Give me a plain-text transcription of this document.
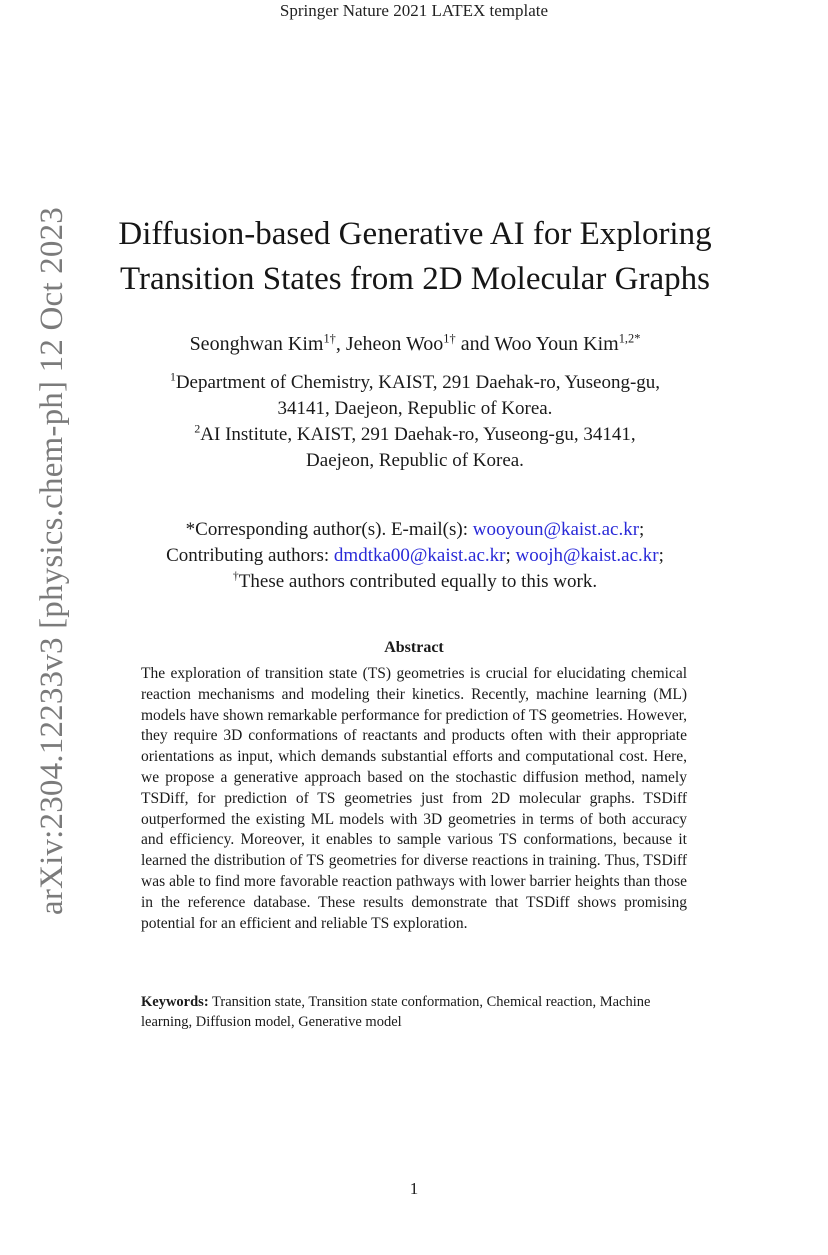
Springer Nature 2021 LATEX template
arXiv:2304.12233v3 [physics.chem-ph] 12 Oct 2023	Diffusion-based Generative AI for Exploring
Transition States from 2D Molecular Graphs
Seonghwan Kim$^{1\dagger}$, Jeheon Woo$^{1\dagger}$ and Woo Youn Kim$^{1,2*}$
$^1$Department of Chemistry, KAIST, 291 Daehak-ro, Yuseong-gu,
34141, Daejeon, Republic of Korea.
$^2$AI Institute, KAIST, 291 Daehak-ro, Yuseong-gu, 34141,
Daejeon, Republic of Korea.
*Corresponding author(s). E-mail(s): wooyoun@kaist.ac.kr;
Contributing authors: dmdtka00@kaist.ac.kr; woojh@kaist.ac.kr;
†These authors contributed equally to this work.
Abstract
The exploration of transition state (TS) geometries is crucial for elucidating chemical reaction mechanisms and modeling their kinetics. Recently, machine learning (ML) models have shown remarkable performance for prediction of TS geometries. However, they require 3D conformations of reactants and products often with their appropriate orientations as input, which demands substantial efforts and computational cost. Here, we propose a generative approach based on the stochastic diffusion method, namely TSDiff, for prediction of TS geometries just from 2D molecular graphs. TSDiff outperformed the existing ML models with 3D geometries in terms of both accuracy and efficiency. Moreover, it enables to sample various TS conformations, because it learned the distribution of TS geometries for diverse reactions in training. Thus, TSDiff was able to find more favorable reaction pathways with lower barrier heights than those in the reference database. These results demonstrate that TSDiff shows promising potential for an efficient and reliable TS exploration.
Keywords: Transition state, Transition state conformation, Chemical reaction, Machine learning, Diffusion model, Generative model
1
